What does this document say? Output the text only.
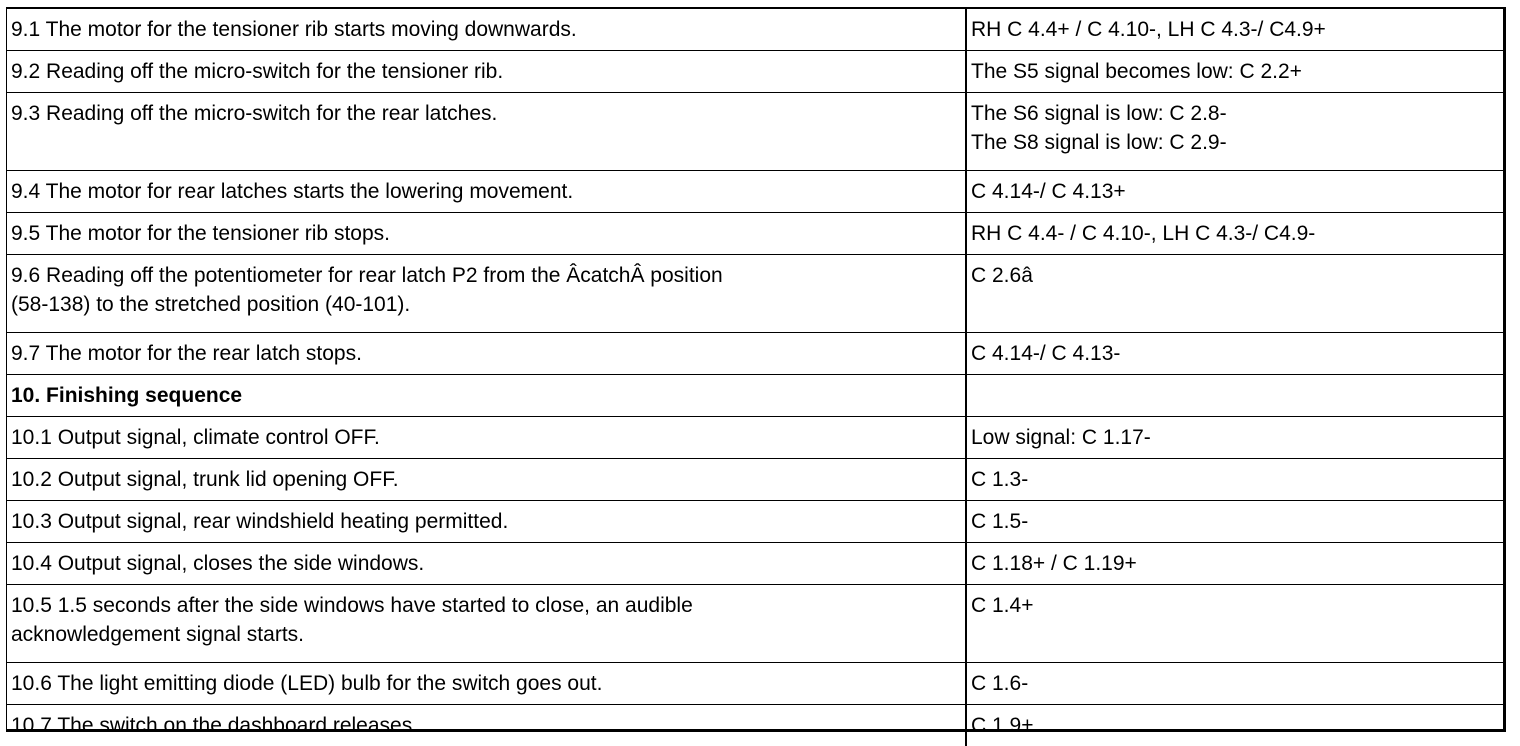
9.1 The motor for the tensioner rib starts moving downwards.	RH C 4.4+ / C 4.10-, LH C 4.3-/ C4.9+
9.2 Reading off the micro-switch for the tensioner rib.	The S5 signal becomes low: C 2.2+
9.3 Reading off the micro-switch for the rear latches.	The S6 signal is low: C 2.8-
The S8 signal is low: C 2.9-
9.4 The motor for rear latches starts the lowering movement.	C 4.14-/ C 4.13+
9.5 The motor for the tensioner rib stops.	RH C 4.4- / C 4.10-, LH C 4.3-/ C4.9-
9.6 Reading off the potentiometer for rear latch P2 from the ÂcatchÂ position
(58-138) to the stretched position (40-101).	C 2.6â
9.7 The motor for the rear latch stops.	C 4.14-/ C 4.13-
10. Finishing sequence	
10.1 Output signal, climate control OFF.	Low signal: C 1.17-
10.2 Output signal, trunk lid opening OFF.	C 1.3-
10.3 Output signal, rear windshield heating permitted.	C 1.5-
10.4 Output signal, closes the side windows.	C 1.18+ / C 1.19+
10.5 1.5 seconds after the side windows have started to close, an audible
acknowledgement signal starts.	C 1.4+
10.6 The light emitting diode (LED) bulb for the switch goes out.	C 1.6-
10.7 The switch on the dashboard releases.	C 1.9+
